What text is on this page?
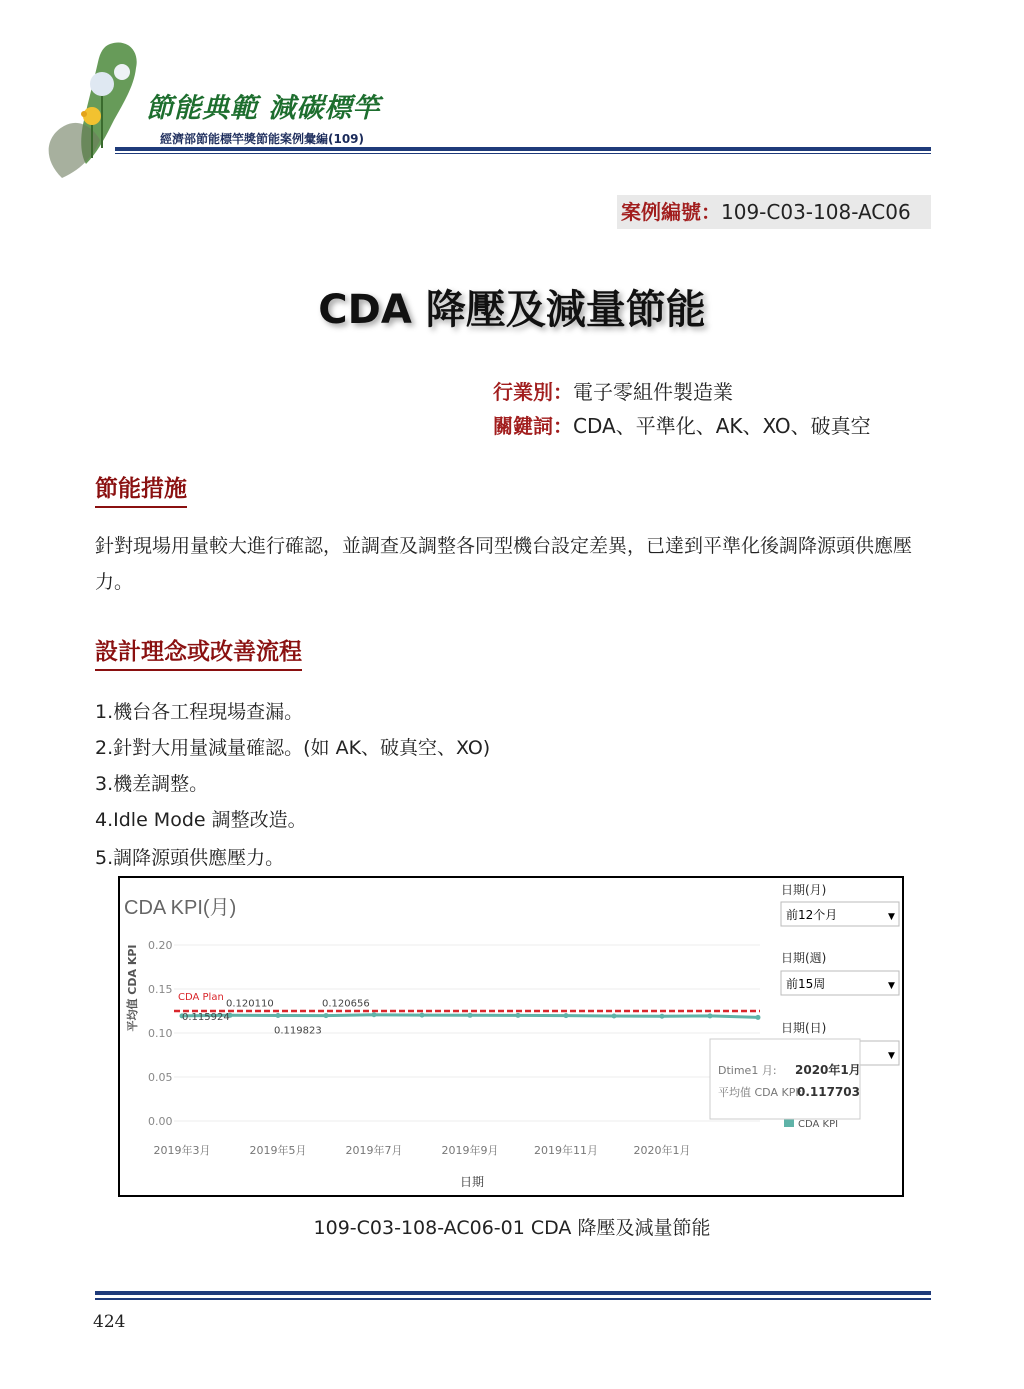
節能典範 減碳標竿
經濟部節能標竿獎節能案例彙編(109)
案例編號：109-C03-108-AC06
CDA 降壓及減量節能
行業別：電子零組件製造業
關鍵詞：CDA、平準化、AK、XO、破真空
節能措施
針對現場用量較大進行確認，並調查及調整各同型機台設定差異，已達到平準化後調降源頭供應壓力。
設計理念或改善流程
1.機台各工程現場查漏。
2.針對大用量減量確認。(如 AK、破真空、XO)
3.機差調整。
4.Idle Mode 調整改造。
5.調降源頭供應壓力。
CDA KPI(月)
平均值 CDA KPI
日期
0.20
0.15
0.10
0.05
0.00
2019年3月	2019年5月	2019年7月	2019年9月	2019年11月	2020年1月
CDA Plan
0.115924
0.120110
0.119823
0.120656
日期(月)
前12个月	▼
日期(週)
前15周	▼
日期(日)
▼
CDA KPI
Dtime1 月: 2020年1月
平均值 CDA KPI:
0.117703
109-C03-108-AC06-01 CDA 降壓及減量節能
424
